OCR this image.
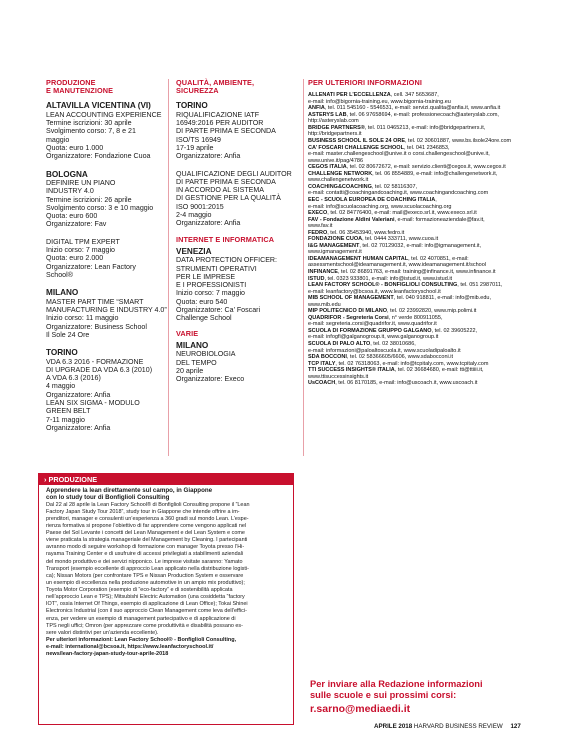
PRODUZIONE
E MANUTENZIONE
ALTAVILLA VICENTINA (VI)
LEAN ACCOUNTING EXPERIENCE
Termine iscrizioni: 30 aprile
Svolgimento corso: 7, 8 e 21
maggio
Quota: euro 1.000
Organizzatore: Fondazione Cuoa
BOLOGNA
DEFINIRE UN PIANO
INDUSTRY 4.0
Termine iscrizioni: 26 aprile
Svolgimento corso: 3 e 10 maggio
Quota: euro 600
Organizzatore: Fav
DIGITAL TPM EXPERT
Inizio corso: 7 maggio
Quota: euro 2.000
Organizzatore: Lean Factory
School®
MILANO
MASTER PART TIME “SMART
MANUFACTURING E INDUSTRY 4.0”
Inizio corso: 11 maggio
Organizzatore: Business School
Il Sole 24 Ore
TORINO
VDA 6.3 2016 - FORMAZIONE
DI UPGRADE DA VDA 6.3 (2010)
A VDA 6.3 (2016)
4 maggio
Organizzatore: Anfia
LEAN SIX SIGMA - MODULO
GREEN BELT
7-11 maggio
Organizzatore: Anfia
QUALITÀ, AMBIENTE,
SICUREZZA
TORINO
RIQUALIFICAZIONE IATF
16949:2016 PER AUDITOR
DI PARTE PRIMA E SECONDA
ISO/TS 16949
17-19 aprile
Organizzatore: Anfia
QUALIFICAZIONE DEGLI AUDITOR
DI PARTE PRIMA E SECONDA
IN ACCORDO AL SISTEMA
DI GESTIONE PER LA QUALITÀ
ISO 9001:2015
2-4 maggio
Organizzatore: Anfia
INTERNET E INFORMATICA
VENEZIA
DATA PROTECTION OFFICER:
STRUMENTI OPERATIVI
PER LE IMPRESE
E I PROFESSIONISTI
Inizio corso: 7 maggio
Quota: euro 540
Organizzatore: Ca’ Foscari
Challenge School
VARIE
MILANO
NEUROBIOLOGIA
DEL TEMPO
20 aprile
Organizzatore: Execo
PER ULTERIORI INFORMAZIONI
ALLENATI PER L’ECCELLENZA, cell. 347 5653687,
e-mail: info@bigornia-training.eu, www.bigornia-training.eu
ANFIA, tel. 011 545160 - 5546531, e-mail: servizi.qualita@anfia.it, www.anfia.it
ASTERYS LAB, tel. 06 97658694, e-mail: professionecoach@asteryslab.com,
http://asteryslab.com
BRIDGE PARTNERS®, tel. 011 0465213, e-mail: info@bridgepartners.it,
http://bridgepartners.it
BUSINESS SCHOOL IL SOLE 24 ORE, tel. 02 30601887, www.bs.ilsole24ore.com
CA’ FOSCARI CHALLENGE SCHOOL, tel. 041 2346853,
e-mail: master.challengeschool@unive.it o corsi.challengeschool@unive.it,
www.unive.it/pag/4786
CEGOS ITALIA, tel. 02 80672672, e-mail: servizio.clienti@cegos.it, www.cegos.it
CHALLENGE NETWORK, tel. 06 8554889, e-mail: info@challengenetwork.it,
www.challengenetwork.it
COACHING&COACHING, tel. 02 58116307,
e-mail: contatti@coachingandcoaching.it, www.coachingandcoaching.com
EEC - SCUOLA EUROPEA DE COACHING ITALIA,
e-mail: info@scuolacoaching.org, www.scuolacoaching.org
EXECO, tel. 02 84776400, e-mail: mail@execo.srl.it, www.execo.srl.it
FAV - Fondazione Aldini Valeriani, e-mail: formazioneaziendale@fav.it,
www.fav.it
FEDRO, tel. 06 35453940, www.fedro.it
FONDAZIONE CUOA, tel. 0444 333711, www.cuoa.it
I&G MANAGEMENT, tel. 02 70129032, e-mail: info@igmanagement.it,
www.igmanagement.it
IDEAMANAGEMENT HUMAN CAPITAL, tel. 02 4070851, e-mail:
assessmentschool@ideamanagement.it, www.ideamanagement.it/school
INFINANCE, tel. 02 86891763, e-mail: training@infinance.it, www.infinance.it
ISTUD, tel. 0323 933801, e-mail: info@istud.it, www.istud.it
LEAN FACTORY SCHOOL® - BONFIGLIOLI CONSULTING, tel. 051 2987011,
e-mail: leanfactory@bcsoa.it, www.leanfactoryschool.it
MIB SCHOOL OF MANAGEMENT, tel. 040 918811, e-mail: info@mib.edu,
www.mib.edu
MIP POLITECNICO DI MILANO, tel. 02 23992820, www.mip.polimi.it
QUADRIFOR - Segreteria Corsi, n° verde 800911055,
e-mail: segreteria.corsi@quadrifor.it, www.quadrifor.it
SCUOLA DI FORMAZIONE GRUPPO GALGANO, tel. 02 39605222,
e-mail: infogfi@galganogroup.it, www.galganogroup.it
SCUOLA DI PALO ALTO, tel. 02 38010686,
e-mail: informazioni@paloaltoscuola.it, www.scuoladipaloalto.it
SDA BOCCONI, tel. 02 58366605/6606, www.sdabocconi.it
TCP ITALY, tel. 02 76318063, e-mail: info@tcpitaly.com, www.tcpitaly.com
TTI SUCCESS INSIGHTS® ITALIA, tel. 02 36684680, e-mail: tti@ttiiii.it,
www.ttisuccessinsights.it
UsCOACH, tel. 06 8170185, e-mail: info@uscoach.it, www.uscoach.it
› PRODUZIONE
Apprendere la lean direttamente sul campo, in Giappone
con lo study tour di Bonfiglioli Consulting
Dal 22 al 28 aprile la Lean Factory School® di Bonfiglioli Consulting propone il “Lean
Factory Japan Study Tour 2018”, study tour in Giappone che intende offrire a im-
prenditori, manager e consulenti un’esperienza a 360 gradi sul mondo Lean. L’espe-
rienza formativa si propone l’obiettivo di far apprendere come vengono applicati nel
Paese del Sol Levante i concetti del Lean Management e del Lean System e come
viene praticata la strategia manageriale del Management by Cleaning. I partecipanti
avranno modo di seguire workshop di formazione con manager Toyota presso l’Hi-
rayama Training Center e di usufruire di accessi privilegiati a stabilimenti aziendali
del mondo produttivo e dei servizi nipponico. Le imprese visitate saranno: Yamato
Transport (esempio eccellente di approccio Lean applicato nella distribuzione logisti-
ca); Nissan Motors (per confrontare TPS e Nissan Production System e osservare
un esempio di eccellenza nella produzione automotive in un ampio mix produttivo);
Toyota Motor Corporation (esempio di “eco-factory” e di sostenibilità applicata
nell’approccio Lean e TPS); Mitsubishi Electric Automation (una cosiddetta “factory
IOT”, ossia Internet Of Things, esempio di applicazione di Lean Office); Tokai Shinei
Electronics Industrial (con il suo approccio Clean Management come leva dell’effici-
enza, per vedere un esempio di management partecipativo e di applicazione di
TPS negli uffici; Omron (per apprezzare come produttività e disabilità possano es-
sere valori distintivi per un’azienda eccellente).
Per ulteriori informazioni: Lean Factory School® - Bonfiglioli Consulting,
e-mail: international@bcsoa.it, https://www.leanfactoryschool.it/
news/lean-factory-japan-study-tour-aprile-2018
Per inviare alla Redazione informazioni
sulle scuole e sui prossimi corsi:
r.sarno@mediaedi.it
APRILE 2018 HARVARD BUSINESS REVIEW 127
